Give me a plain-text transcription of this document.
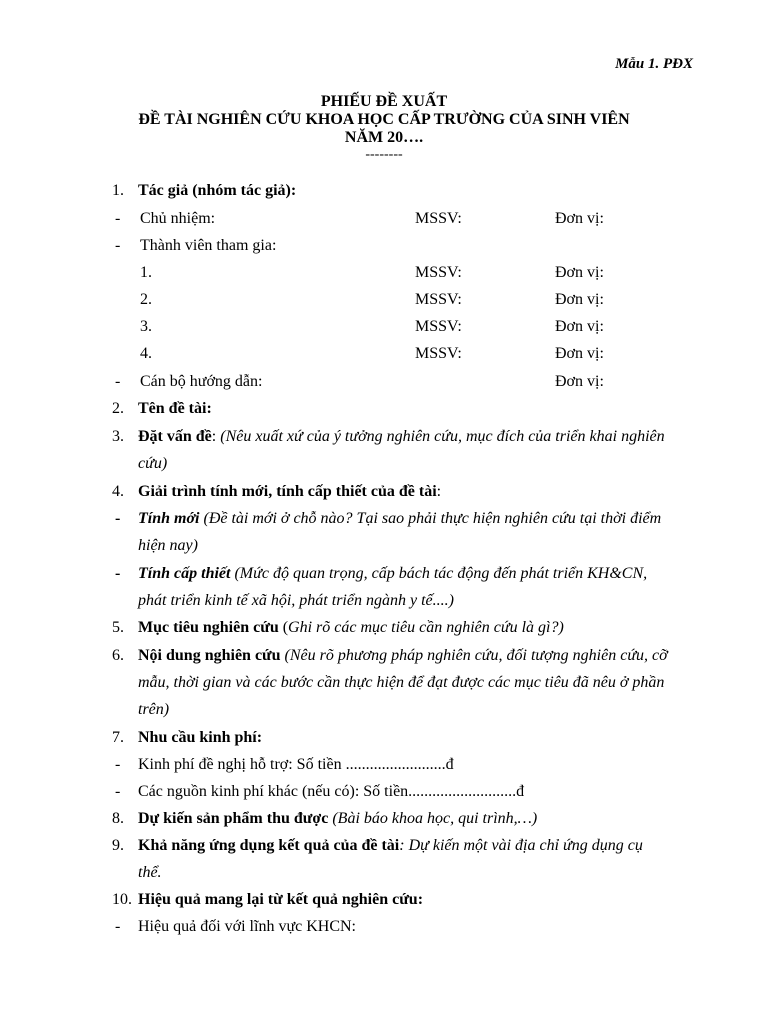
Mẫu 1. PĐX
PHIẾU ĐỀ XUẤT
ĐỀ TÀI NGHIÊN CỨU KHOA HỌC CẤP TRƯỜNG CỦA SINH VIÊN
NĂM 20….
--------
1. Tác giả (nhóm tác giả):
- Chủ nhiệm:	MSSV:	Đơn vị:
- Thành viên tham gia:
1.	MSSV:	Đơn vị:
2.	MSSV:	Đơn vị:
3.	MSSV:	Đơn vị:
4.	MSSV:	Đơn vị:
- Cán bộ hướng dẫn:	Đơn vị:
2. Tên đề tài:
3. Đặt vấn đề: (Nêu xuất xứ của ý tưởng nghiên cứu, mục đích của triển khai nghiên
cứu)
4. Giải trình tính mới, tính cấp thiết của đề tài:
- Tính mới (Đề tài mới ở chỗ nào? Tại sao phải thực hiện nghiên cứu tại thời điểm
hiện nay)
- Tính cấp thiết (Mức độ quan trọng, cấp bách tác động đến phát triển KH&CN,
phát triển kinh tế xã hội, phát triển ngành y tế....)
5. Mục tiêu nghiên cứu (Ghi rõ các mục tiêu cần nghiên cứu là gì?)
6. Nội dung nghiên cứu (Nêu rõ phương pháp nghiên cứu, đối tượng nghiên cứu, cỡ
mẫu, thời gian và các bước cần thực hiện để đạt được các mục tiêu đã nêu ở phần
trên)
7. Nhu cầu kinh phí:
- Kinh phí đề nghị hỗ trợ: Số tiền .........................đ
- Các nguồn kinh phí khác (nếu có): Số tiền...........................đ
8. Dự kiến sản phẩm thu được (Bài báo khoa học, qui trình,…)
9. Khả năng ứng dụng kết quả của đề tài: Dự kiến một vài địa chỉ ứng dụng cụ
thể.
10. Hiệu quả mang lại từ kết quả nghiên cứu:
- Hiệu quả đối với lĩnh vực KHCN:
